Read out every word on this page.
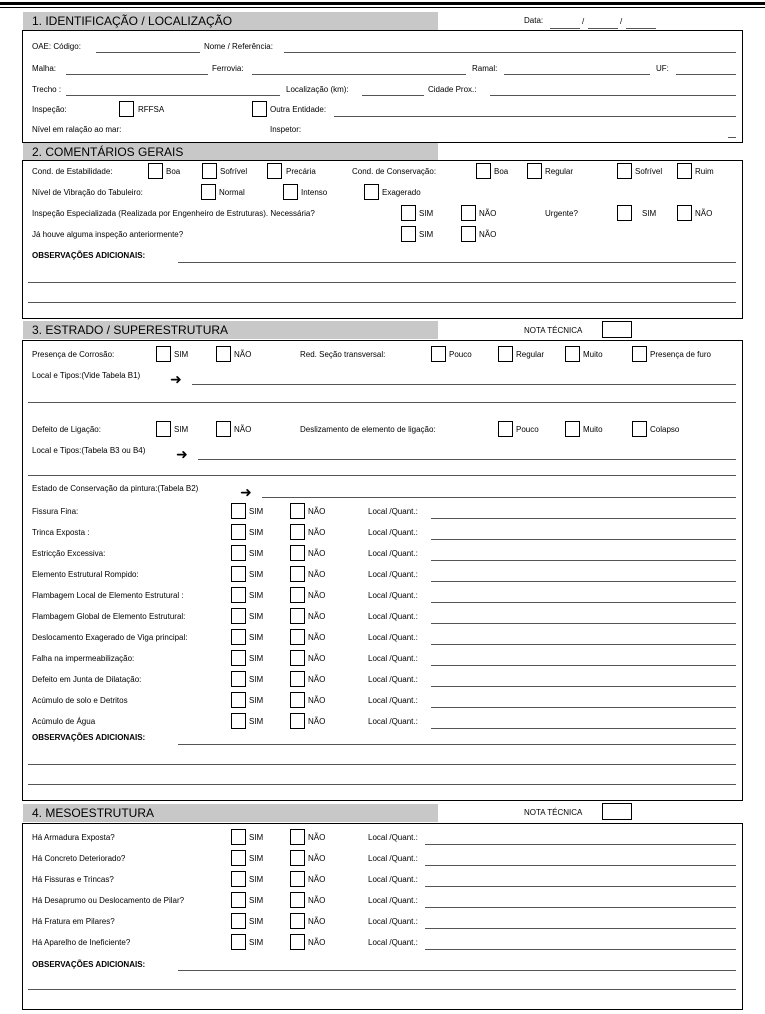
1. IDENTIFICAÇÃO / LOCALIZAÇÃO	Data:	/	/
OAE: Código:	Nome / Referência:
Malha:	Ferrovia:	Ramal:	UF:
Trecho :	Localização (km):	Cidade Prox.:
Inspeção:	RFFSA	Outra Entidade:
Nível em ralação ao mar:	Inspetor:
2. COMENTÁRIOS GERAIS
Cond. de Estabilidade:	Boa	Sofrível	Precária	Cond. de Conservação:	Boa	Regular	Sofrível	Ruim
Nível de Vibração do Tabuleiro:	Normal	Intenso	Exagerado
Inspeção Especializada (Realizada por Engenheiro de Estruturas). Necessária?	SIM	NÃO	Urgente?	SIM	NÃO
Já houve alguma inspeção anteriormente?	SIM	NÃO
OBSERVAÇÕES ADICIONAIS:
3. ESTRADO / SUPERESTRUTURA	NOTA TÉCNICA
Presença de Corrosão:	SIM	NÃO	Red. Seção transversal:	Pouco	Regular	Muito	Presença de furo
Local e Tipos:(Vide Tabela B1) ➜
Defeito de Ligação:	SIM	NÃO	Deslizamento de elemento de ligação:	Pouco	Muito	Colapso
Local e Tipos:(Tabela B3 ou B4) ➜
Estado de Conservação da pintura:(Tabela B2)	➜
Fissura Fina:	SIM	NÃO	Local /Quant.:
Trinca Exposta :	SIM	NÃO	Local /Quant.:
Estricção Excessiva:	SIM	NÃO	Local /Quant.:
Elemento Estrutural Rompido:	SIM	NÃO	Local /Quant.:
Flambagem Local de Elemento Estrutural :	SIM	NÃO	Local /Quant.:
Flambagem Global de Elemento Estrutural:	SIM	NÃO	Local /Quant.:
Deslocamento Exagerado de Viga principal:	SIM	NÃO	Local /Quant.:
Falha na impermeabilização:	SIM	NÃO	Local /Quant.:
Defeito em Junta de Dilatação:	SIM	NÃO	Local /Quant.:
Acúmulo de solo e Detritos	SIM	NÃO	Local /Quant.:
Acúmulo de Água	SIM	NÃO	Local /Quant.:
OBSERVAÇÕES ADICIONAIS:
4. MESOESTRUTURA	NOTA TÉCNICA
Há Armadura Exposta?	SIM	NÃO	Local /Quant.:
Há Concreto Deteriorado?	SIM	NÃO	Local /Quant.:
Há Fissuras e Trincas?	SIM	NÃO	Local /Quant.:
Há Desaprumo ou Deslocamento de Pilar?	SIM	NÃO	Local /Quant.:
Há Fratura em Pilares?	SIM	NÃO	Local /Quant.:
Há Aparelho de Ineficiente?	SIM	NÃO	Local /Quant.:
OBSERVAÇÕES ADICIONAIS:
